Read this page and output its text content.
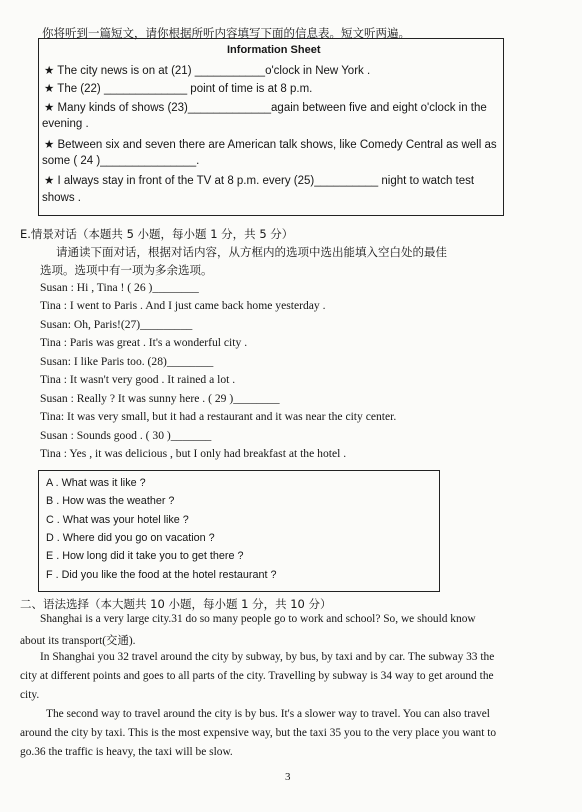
你将听到一篇短文，请你根据所听内容填写下面的信息表。短文听两遍。
Information Sheet
★ The city news is on at (21) ___________o'clock in New York .
★ The (22) _____________ point of time is at 8 p.m.
★ Many kinds of shows (23)_____________again between five and eight o'clock in the
evening .
★ Between six and seven there are American talk shows, like Comedy Central as well as
some ( 24 )_______________.
★ I always stay in front of the TV at 8 p.m. every (25)__________ night to watch test
shows .
E.情景对话（本题共 5 小题，每小题 1 分，共 5 分）
请通读下面对话，根据对话内容，从方框内的选项中选出能填入空白处的最佳
选项。选项中有一项为多余选项。
Susan : Hi , Tina ! ( 26 )________
Tina : I went to Paris . And I just came back home yesterday .
Susan: Oh, Paris!(27)_________
Tina : Paris was great . It's a wonderful city .
Susan: I like Paris too. (28)________
Tina : It wasn't very good . It rained a lot .
Susan : Really ? It was sunny here . ( 29 )________
Tina: It was very small, but it had a restaurant and it was near the city center.
Susan : Sounds good . ( 30 )_______
Tina : Yes , it was delicious , but I only had breakfast at the hotel .
A . What was it like ?
B . How was the weather ?
C . What was your hotel like ?
D . Where did you go on vacation ?
E . How long did it take you to get there ?
F . Did you like the food at the hotel restaurant ?
二、语法选择（本大题共 10 小题，每小题 1 分，共 10 分）
Shanghai is a very large city.31 do so many people go to work and school? So, we should know
about its transport(交通).
In Shanghai you 32 travel around the city by subway, by bus, by taxi and by car. The subway 33 the
city at different points and goes to all parts of the city. Travelling by subway is 34 way to get around the
city.
The second way to travel around the city is by bus. It's a slower way to travel. You can also travel
around the city by taxi. This is the most expensive way, but the taxi 35 you to the very place you want to
go.36 the traffic is heavy, the taxi will be slow.
3
